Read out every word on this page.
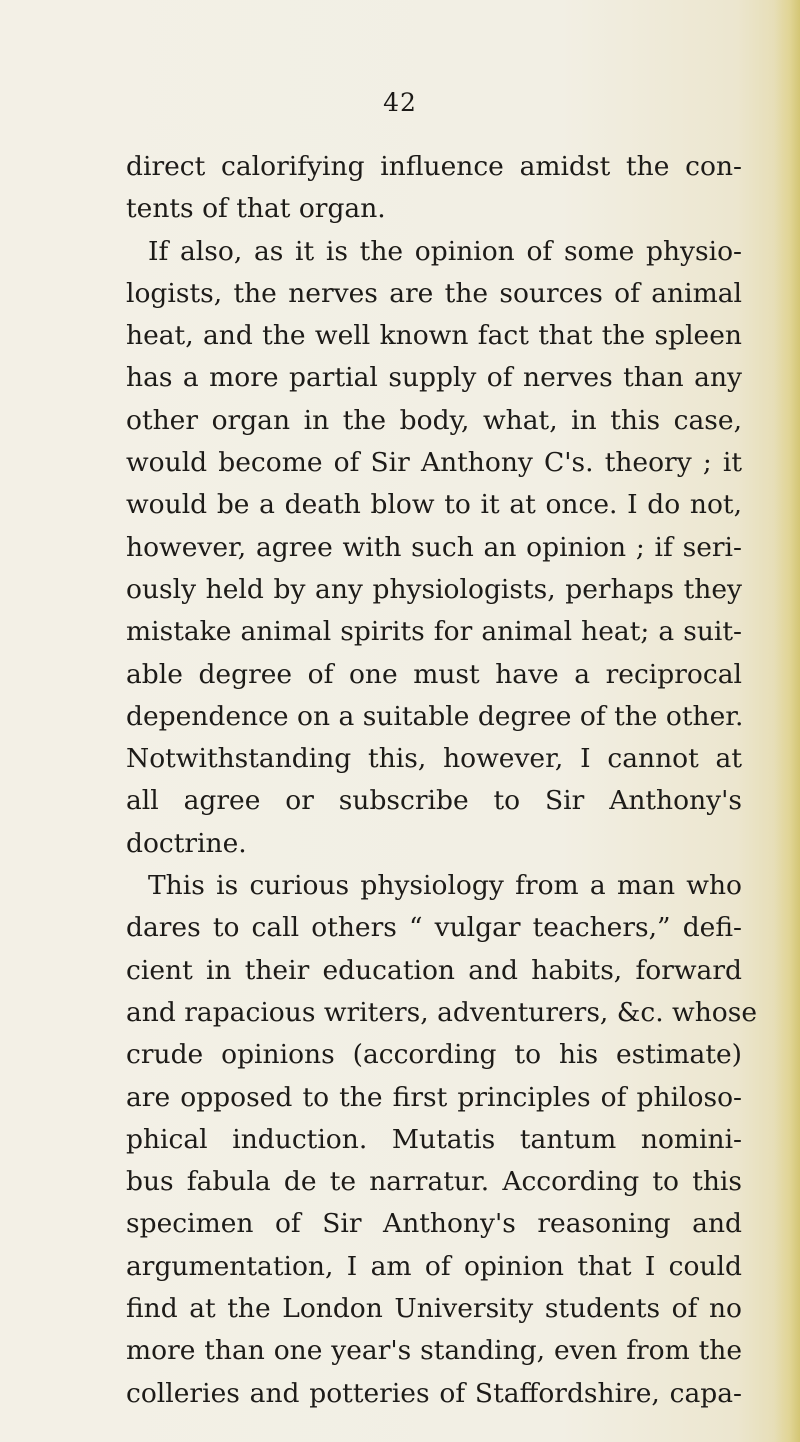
42
direct calorifying influence amidst the con-
tents of that organ.
If also, as it is the opinion of some physio-
logists, the nerves are the sources of animal
heat, and the well known fact that the spleen
has a more partial supply of nerves than any
other organ in the body, what, in this case,
would become of Sir Anthony C's. theory ; it
would be a death blow to it at once. I do not,
however, agree with such an opinion ; if seri-
ously held by any physiologists, perhaps they
mistake animal spirits for animal heat; a suit-
able degree of one must have a reciprocal
dependence on a suitable degree of the other.
Notwithstanding this, however, I cannot at
all agree or subscribe to Sir Anthony's
doctrine.
This is curious physiology from a man who
dares to call others “ vulgar teachers,” defi-
cient in their education and habits, forward
and rapacious writers, adventurers, &c. whose
crude opinions (according to his estimate)
are opposed to the first principles of philoso-
phical induction. Mutatis tantum nomini-
bus fabula de te narratur. According to this
specimen of Sir Anthony's reasoning and
argumentation, I am of opinion that I could
find at the London University students of no
more than one year's standing, even from the
colleries and potteries of Staffordshire, capa-
